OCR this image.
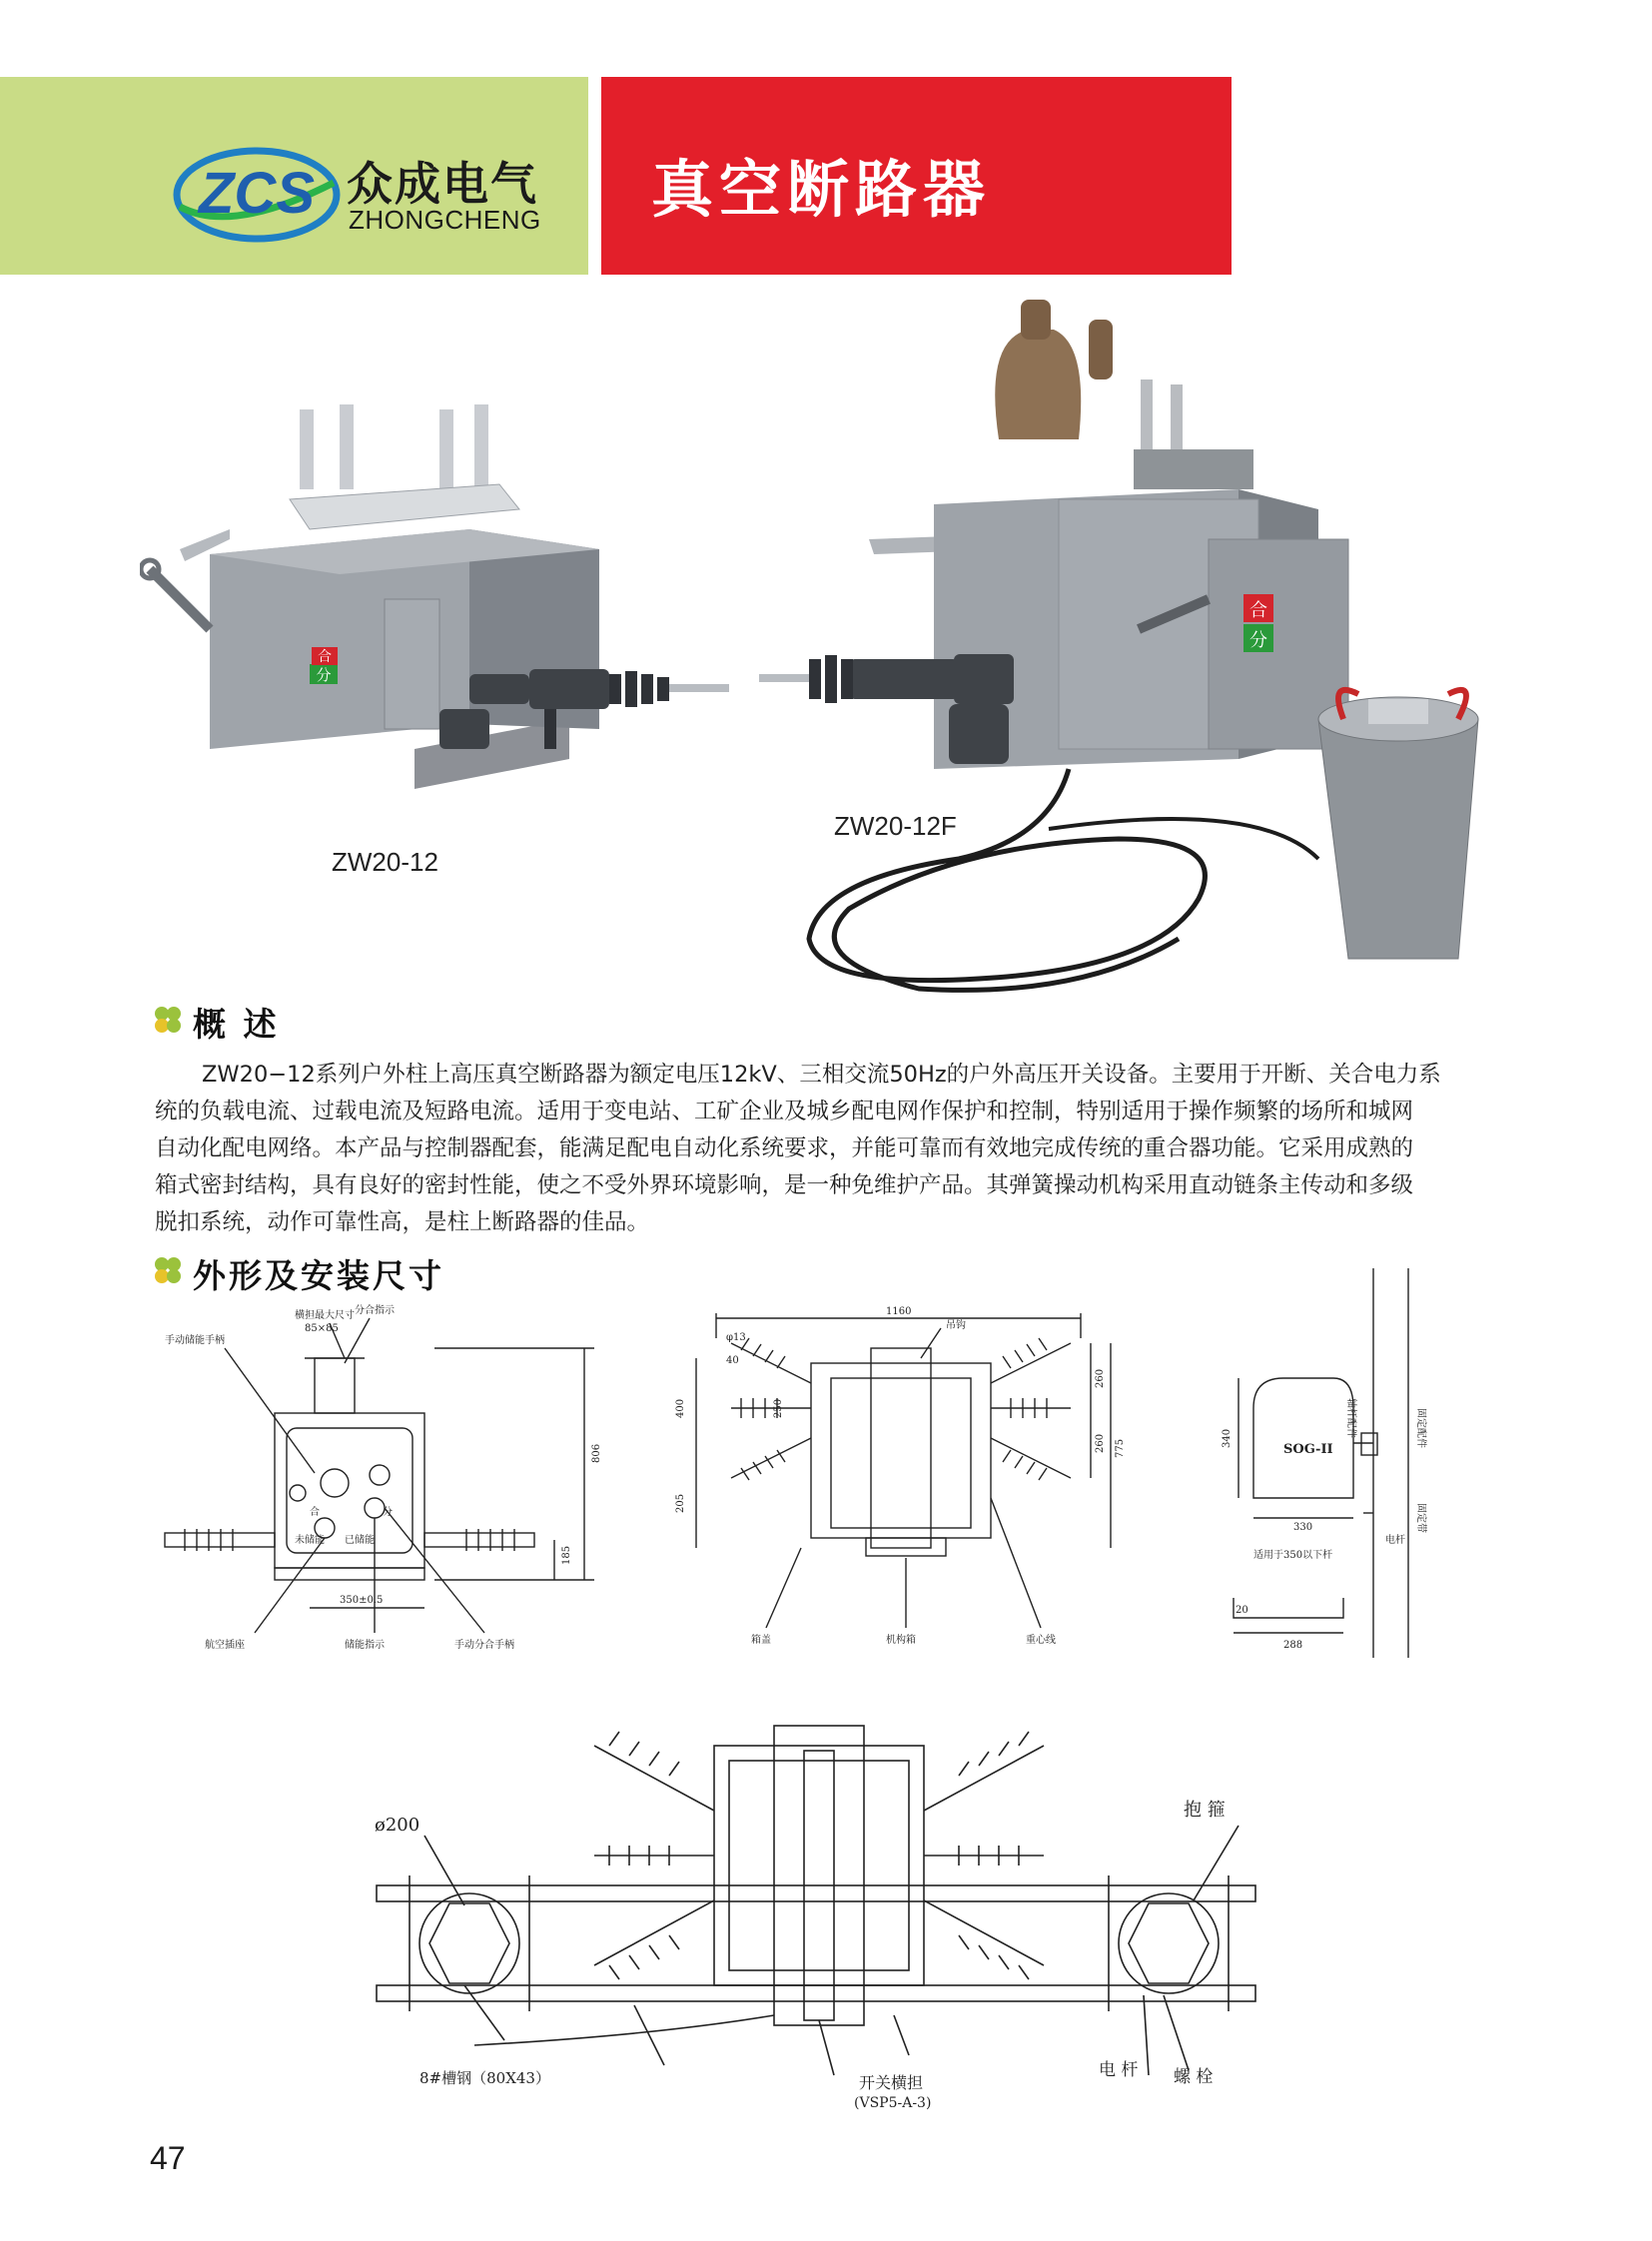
ZCS 众成电气
ZHONGCHENG 真空断路器
分
合
ZW20-12
合
分
ZW20-12F
概 述
ZW20−12系列户外柱上高压真空断路器为额定电压12kV、三相交流50Hz的户外高压开关设备。主要用于开断、关合电力系
统的负载电流、过载电流及短路电流。适用于变电站、工矿企业及城乡配电网作保护和控制，特别适用于操作频繁的场所和城网
自动化配电网络。本产品与控制器配套，能满足配电自动化系统要求，并能可靠而有效地完成传统的重合器功能。它采用成熟的
箱式密封结构，具有良好的密封性能，使之不受外界环境影响，是一种免维护产品。其弹簧操动机构采用直动链条主传动和多级
脱扣系统，动作可靠性高，是柱上断路器的佳品。
外形及安装尺寸
横担最大尺寸
85×85
分合指示
手动储能手柄
806
185
350±0.5
合	分
未储能 已储能
航空插座	储能指示	手动分合手柄
1160
φ13
40
吊钩
400
205
250
260
260 775
箱盖	机构箱	重心线
SOG-II
340
330
适用于350以下杆
20
288
固定配件
轴杆配件
固定带
电杆
ø200
抱 箍
8#槽钢（80X43）	开关横担
(VSP5-A-3)
电 杆 螺 栓
47
